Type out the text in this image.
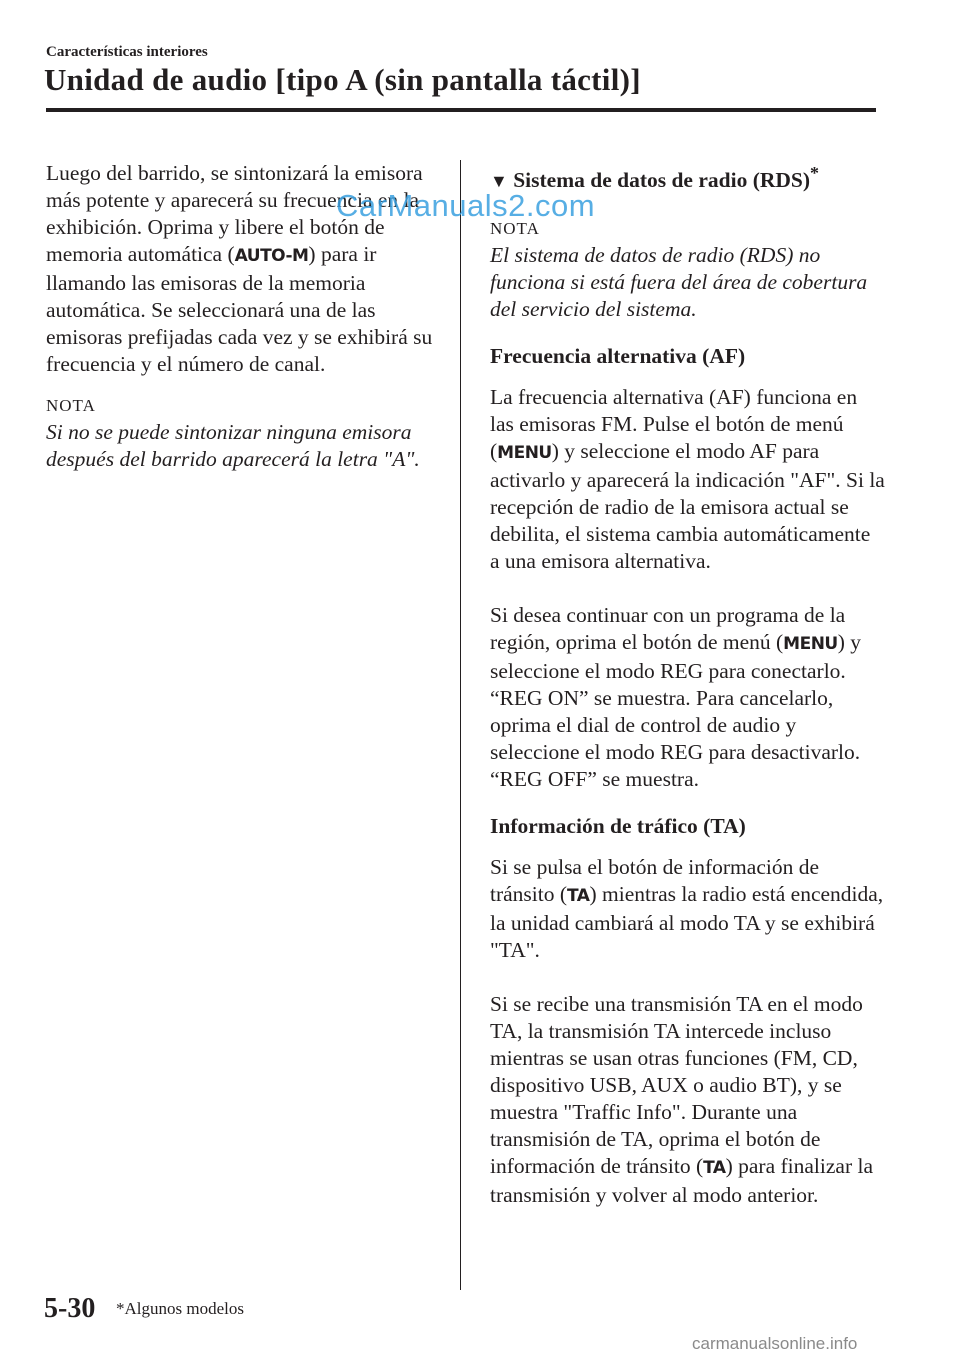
Características interiores
Unidad de audio [tipo A (sin pantalla táctil)]

Luego del barrido, se sintonizará la emisora más potente y aparecerá su frecuencia en la exhibición. Oprima y libere el botón de memoria automática (AUTO-M) para ir llamando las emisoras de la memoria automática. Se seleccionará una de las emisoras prefijadas cada vez y se exhibirá su frecuencia y el número de canal.

NOTA

Si no se puede sintonizar ninguna emisora después del barrido aparecerá la letra "A".

▼ Sistema de datos de radio (RDS)*

NOTA

El sistema de datos de radio (RDS) no funciona si está fuera del área de cobertura del servicio del sistema.

Frecuencia alternativa (AF)

La frecuencia alternativa (AF) funciona en las emisoras FM. Pulse el botón de menú (MENU) y seleccione el modo AF para activarlo y aparecerá la indicación "AF". Si la recepción de radio de la emisora actual se debilita, el sistema cambia automáticamente a una emisora alternativa.

Si desea continuar con un programa de la región, oprima el botón de menú (MENU) y seleccione el modo REG para conectarlo. “REG ON” se muestra. Para cancelarlo, oprima el dial de control de audio y seleccione el modo REG para desactivarlo. “REG OFF” se muestra.

Información de tráfico (TA)

Si se pulsa el botón de información de tránsito (TA) mientras la radio está encendida, la unidad cambiará al modo TA y se exhibirá "TA".

Si se recibe una transmisión TA en el modo TA, la transmisión TA intercede incluso mientras se usan otras funciones (FM, CD, dispositivo USB, AUX o audio BT), y se muestra "Traffic Info". Durante una transmisión de TA, oprima el botón de información de tránsito (TA) para finalizar la transmisión y volver al modo anterior.

CarManuals2.com
5-30 *Algunos modelos
carmanualsonline.info
